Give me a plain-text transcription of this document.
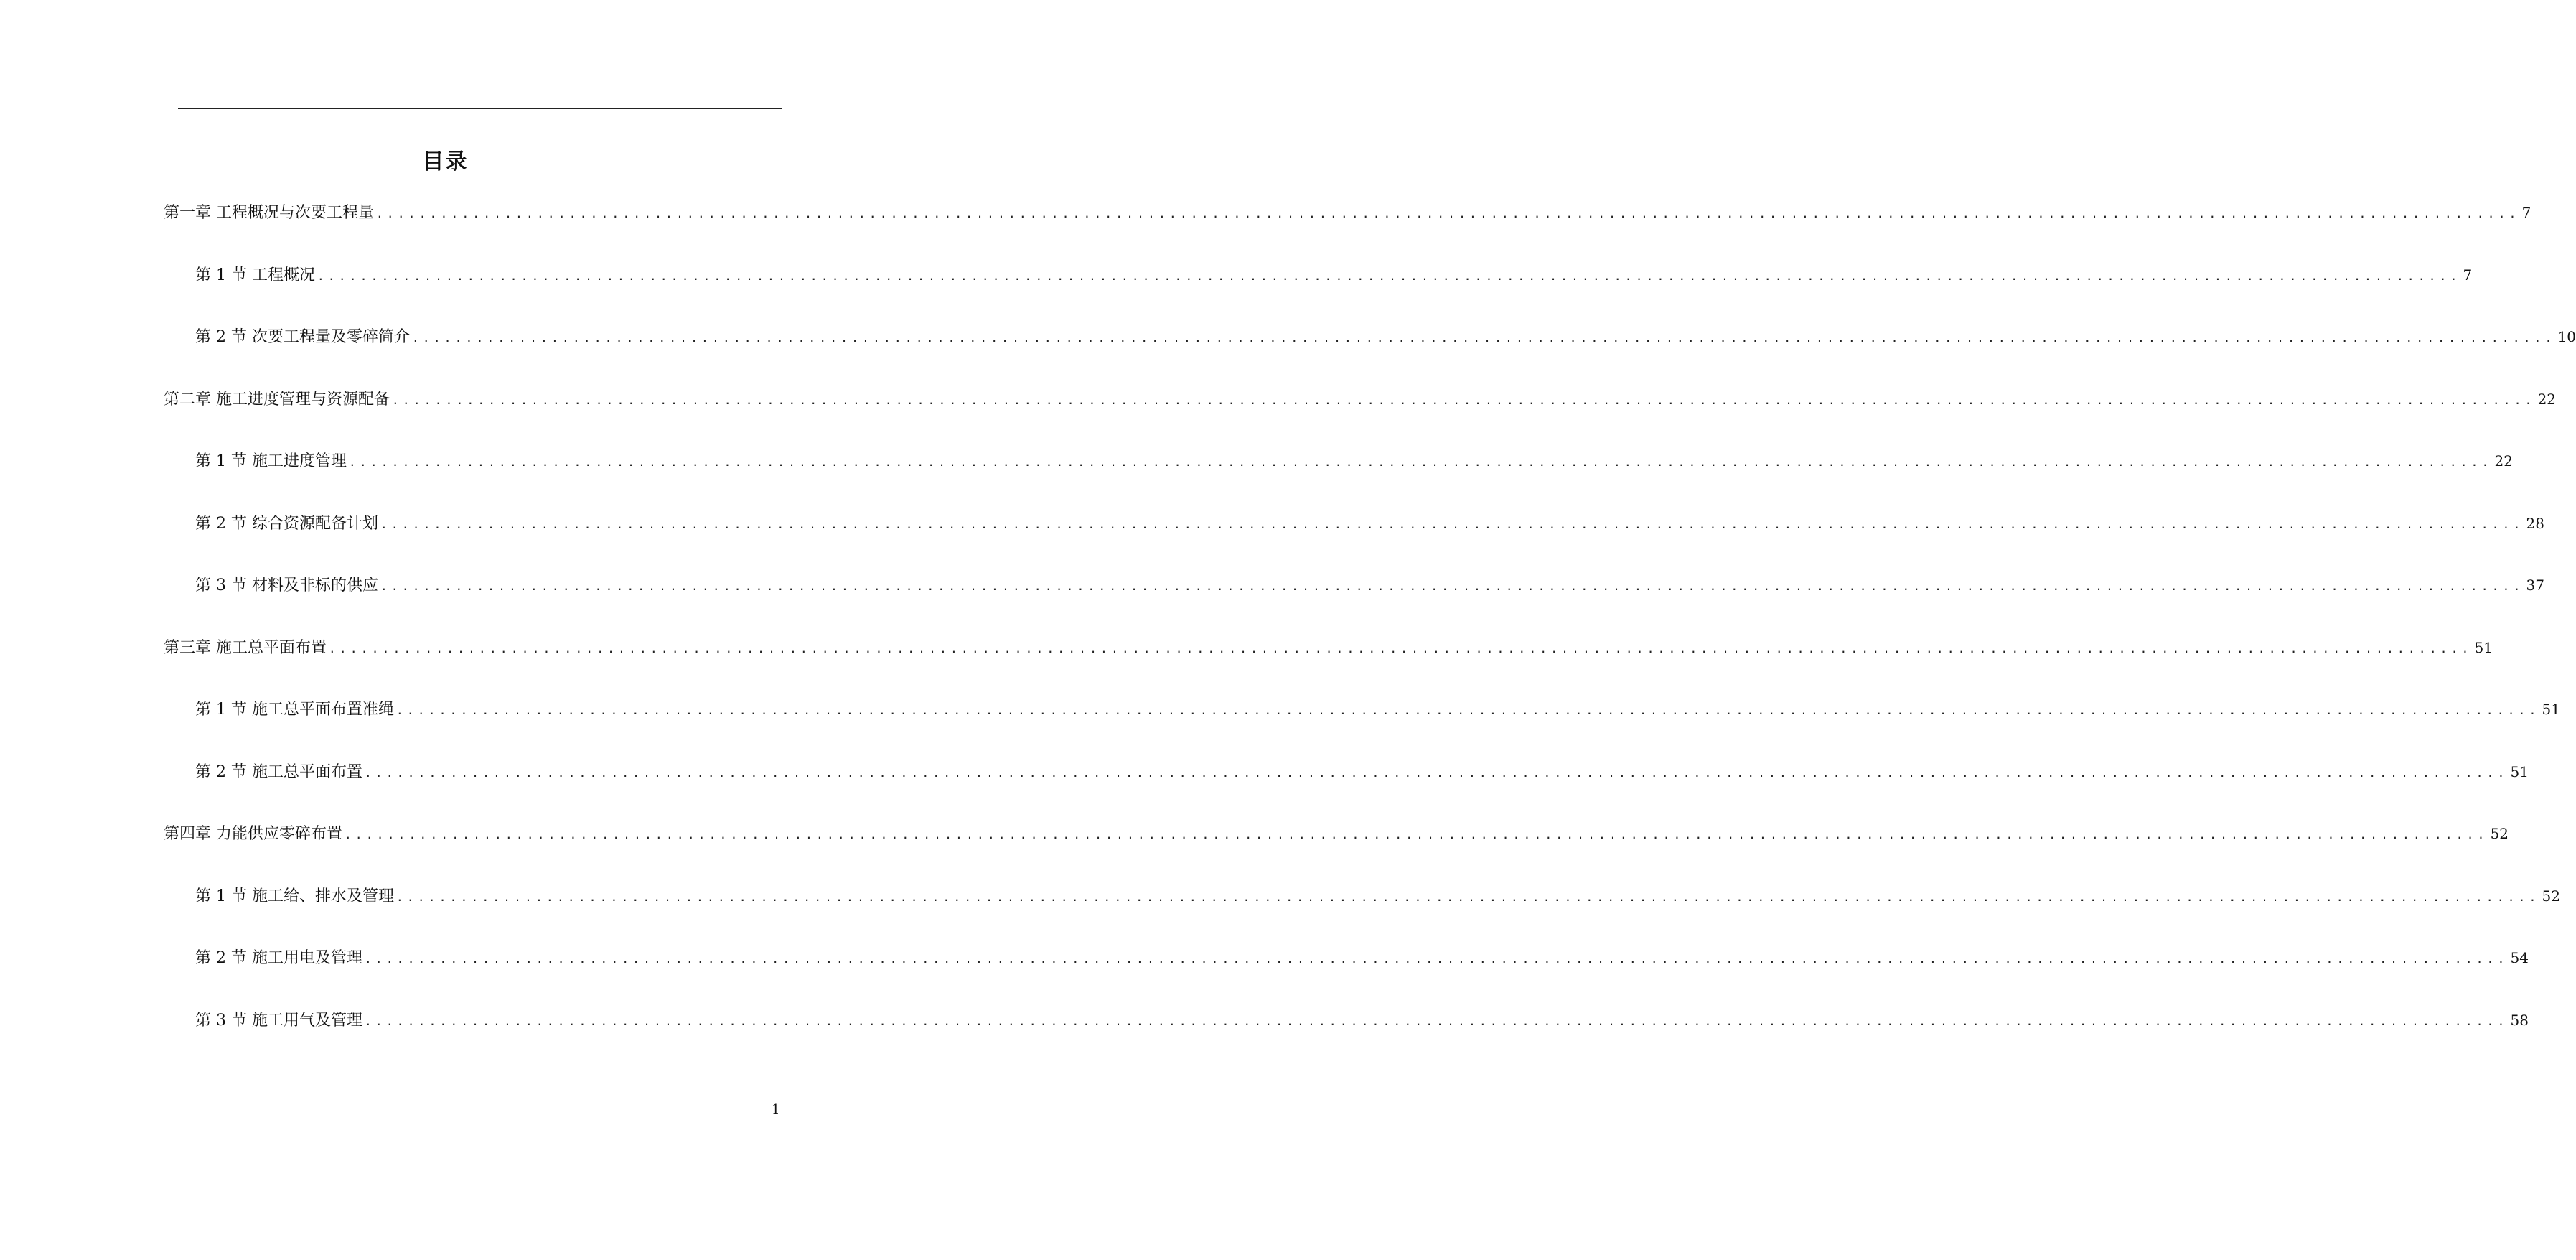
目录
第一章 工程概况与次要工程量 ........................................................................................................................................................................................................ 7
第 1 节 工程概况 ........................................................................................................................................................................................................ 7
第 2 节 次要工程量及零碎简介 ........................................................................................................................................................................................................ 10
第二章 施工进度管理与资源配备 ........................................................................................................................................................................................................ 22
第 1 节 施工进度管理 ........................................................................................................................................................................................................ 22
第 2 节 综合资源配备计划 ........................................................................................................................................................................................................ 28
第 3 节 材料及非标的供应 ........................................................................................................................................................................................................ 37
第三章 施工总平面布置 ........................................................................................................................................................................................................ 51
第 1 节 施工总平面布置准绳 ........................................................................................................................................................................................................ 51
第 2 节 施工总平面布置 ........................................................................................................................................................................................................ 51
第四章 力能供应零碎布置 ........................................................................................................................................................................................................ 52
第 1 节 施工给、排水及管理 ........................................................................................................................................................................................................ 52
第 2 节 施工用电及管理 ........................................................................................................................................................................................................ 54
第 3 节 施工用气及管理 ........................................................................................................................................................................................................ 58
1
